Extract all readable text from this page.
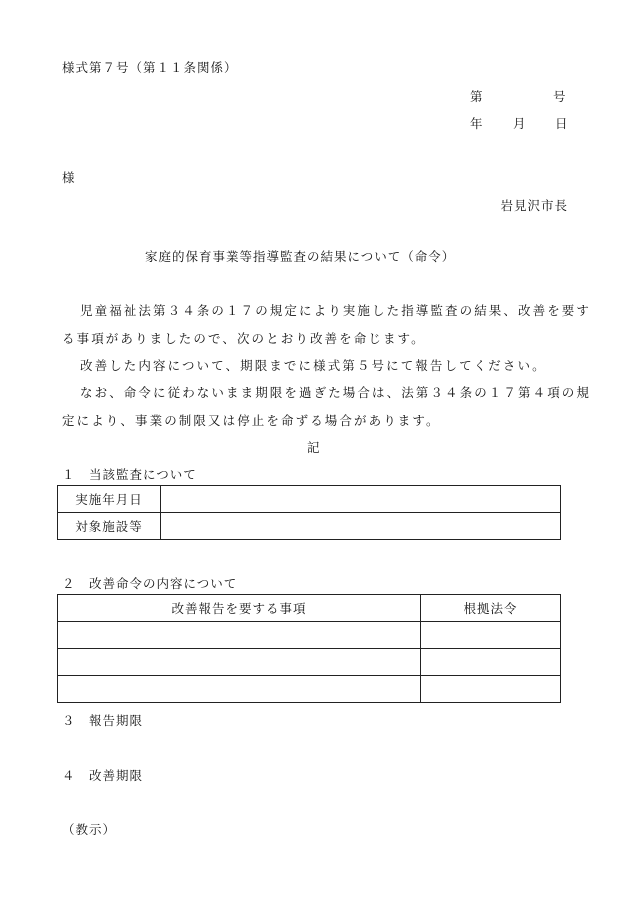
様式第７号（第１１条関係）
第	号
年 月 日
様
岩見沢市長
家庭的保育事業等指導監査の結果について（命令）
児童福祉法第３４条の１７の規定により実施した指導監査の結果、改善を要す
る事項がありましたので、次のとおり改善を命じます。
改善した内容について、期限までに様式第５号にて報告してください。
なお、命令に従わないまま期限を過ぎた場合は、法第３４条の１７第４項の規
定により、事業の制限又は停止を命ずる場合があります。
記
１　当該監査について
実施年月日	
対象施設等	
２　改善命令の内容について
改善報告を要する事項	根拠法令

３　報告期限
４　改善期限
（教示）
